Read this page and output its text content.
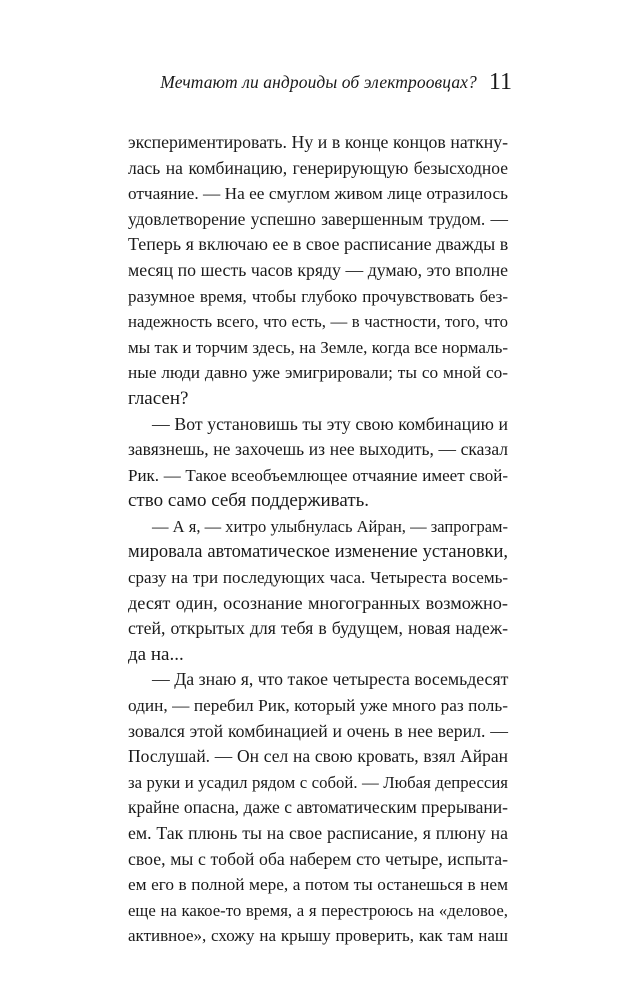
Мечтают ли андроиды об электроовцах? 11
экспериментировать. Ну и в конце концов наткну-
лась на комбинацию, генерирующую безысходное
отчаяние. — На ее смуглом живом лице отразилось
удовлетворение успешно завершенным трудом. —
Теперь я включаю ее в свое расписание дважды в
месяц по шесть часов кряду — думаю, это вполне
разумное время, чтобы глубоко прочувствовать без-
надежность всего, что есть, — в частности, того, что
мы так и торчим здесь, на Земле, когда все нормаль-
ные люди давно уже эмигрировали; ты со мной со-
гласен?
— Вот установишь ты эту свою комбинацию и
завязнешь, не захочешь из нее выходить, — сказал
Рик. — Такое всеобъемлющее отчаяние имеет свой-
ство само себя поддерживать.
— А я, — хитро улыбнулась Айран, — запрограм-
мировала автоматическое изменение установки,
сразу на три последующих часа. Четыреста восемь-
десят один, осознание многогранных возможно-
стей, открытых для тебя в будущем, новая надеж-
да на...
— Да знаю я, что такое четыреста восемьдесят
один, — перебил Рик, который уже много раз поль-
зовался этой комбинацией и очень в нее верил. —
Послушай. — Он сел на свою кровать, взял Айран
за руки и усадил рядом с собой. — Любая депрессия
крайне опасна, даже с автоматическим прерывани-
ем. Так плюнь ты на свое расписание, я плюну на
свое, мы с тобой оба наберем сто четыре, испыта-
ем его в полной мере, а потом ты останешься в нем
еще на какое-то время, а я перестроюсь на «деловое,
активное», схожу на крышу проверить, как там наш
